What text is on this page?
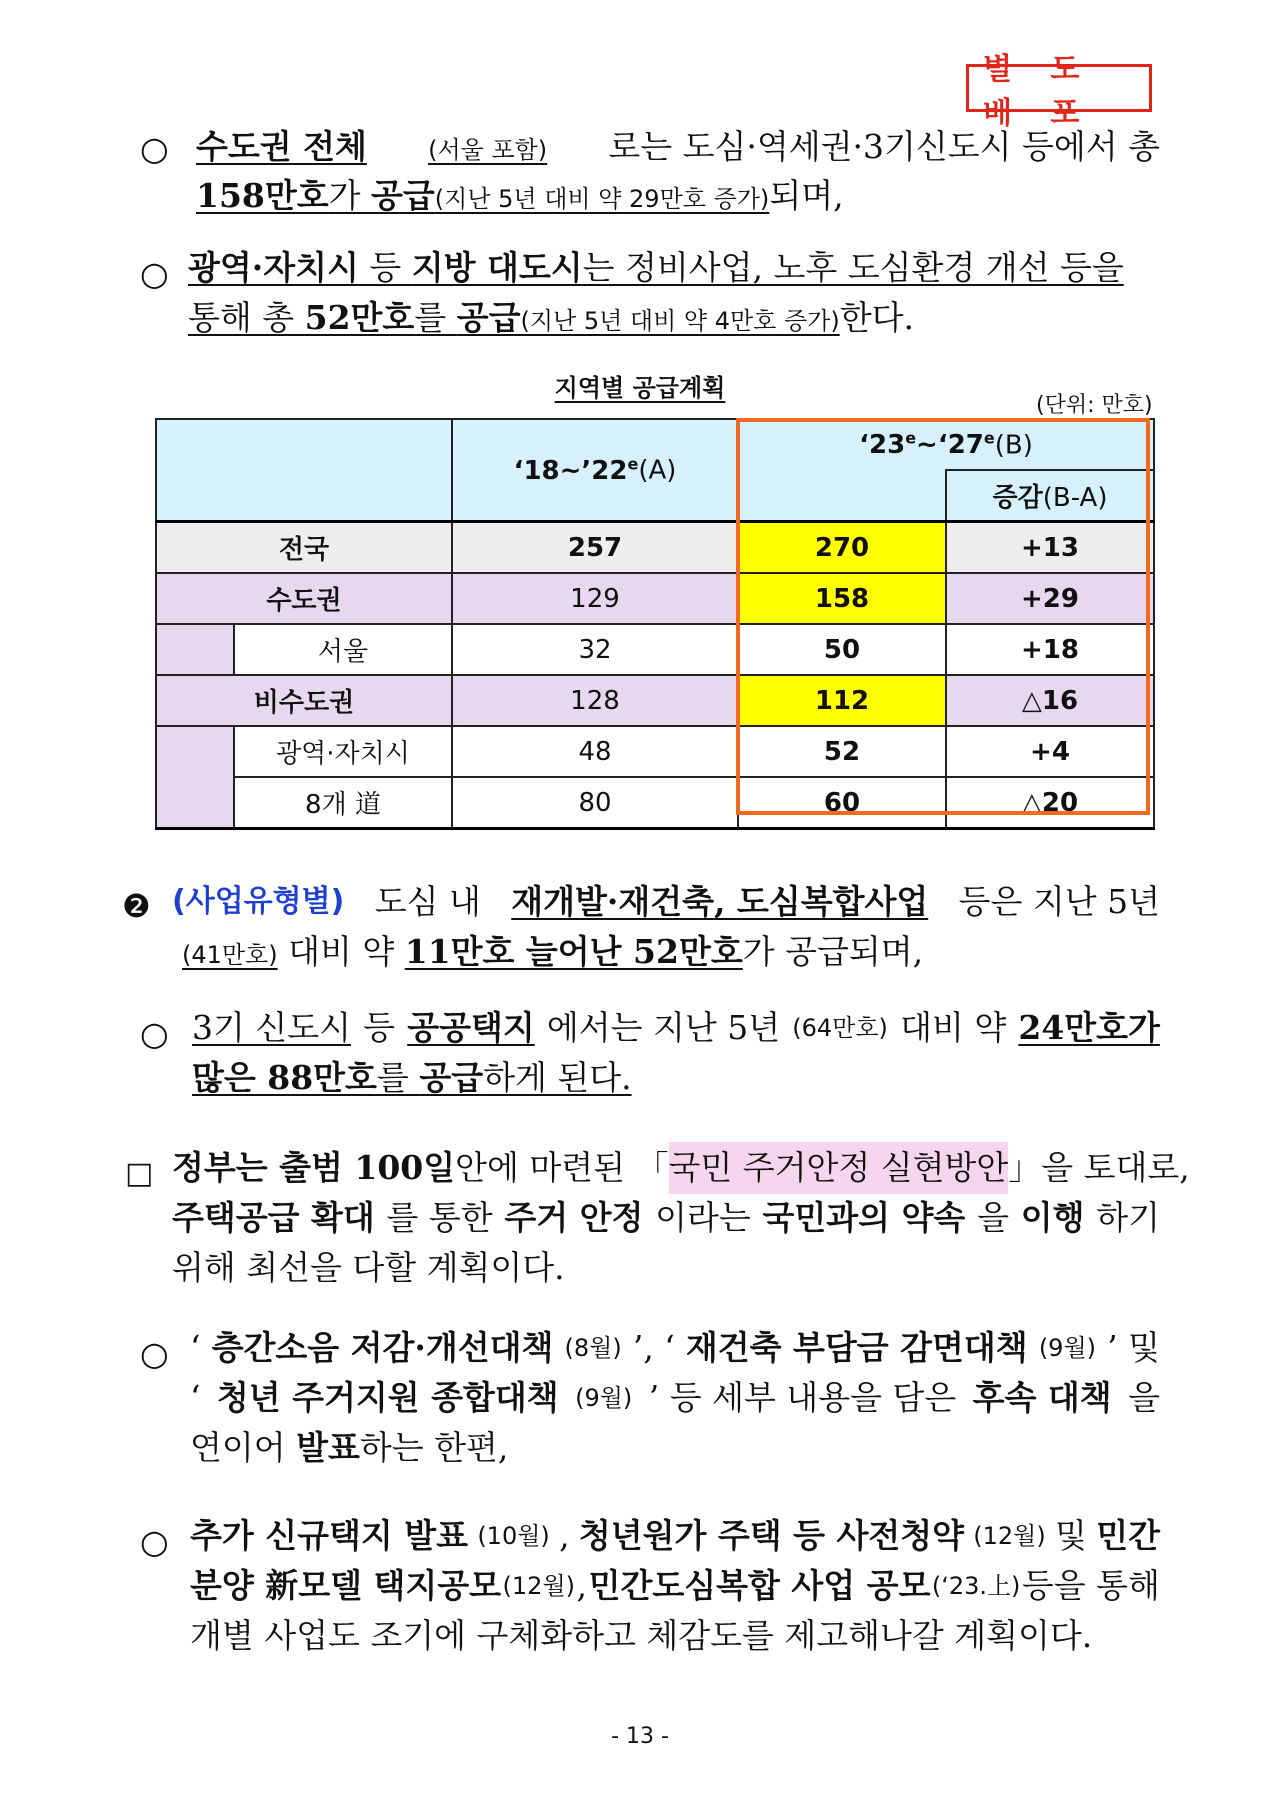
별 도 배 포
○ 수도권 전체	(서울 포함) 로는 도심·역세권·3기신도시 등에서 총
158만호가 공급(지난 5년 대비 약 29만호 증가)되며,
○ 광역·자치시 등 지방 대도시는 정비사업, 노후 도심환경 개선 등을
통해 총 52만호를 공급(지난 5년 대비 약 4만호 증가)한다.
지역별 공급계획
(단위: 만호)
		‘18~’22e(A)	‘23e~‘27e(B)	
				증감(B-A)
전국		257	270	+13
수도권		129	158	+29
	서울	32	50	+18
비수도권		128	112	△16
	광역·자치시	48	52	+4
	8개 道	80	60	△20
❷ (사업유형별) 도심 내 재개발·재건축, 도심복합사업 등은 지난 5년
(41만호) 대비 약 11만호 늘어난 52만호가 공급되며,
○ 3기 신도시 등 공공택지 에서는 지난 5년 (64만호) 대비 약 24만호가
많은 88만호를 공급하게 된다.
□ 정부는 출범 100일 안에 마련된 「 국민 주거안정 실현방안 」을 토대로,
주택공급 확대 를 통한 주거 안정 이라는 국민과의 약속 을 이행 하기
위해 최선을 다할 계획이다.
○ ‘ 층간소음 저감·개선대책 (8월) ’, ‘ 재건축 부담금 감면대책 (9월) ’ 및
‘ 청년 주거지원 종합대책 (9월) ’ 등 세부 내용을 담은 후속 대책 을
연이어 발표하는 한편,
○ 추가 신규택지 발표 (10월) , 청년원가 주택 등 사전청약 (12월) 및 민간
분양 新모델 택지공모 (12월) , 민간도심복합 사업 공모 (‘23.上) 등을 통해
개별 사업도 조기에 구체화하고 체감도를 제고해나갈 계획이다.
- 13 -
